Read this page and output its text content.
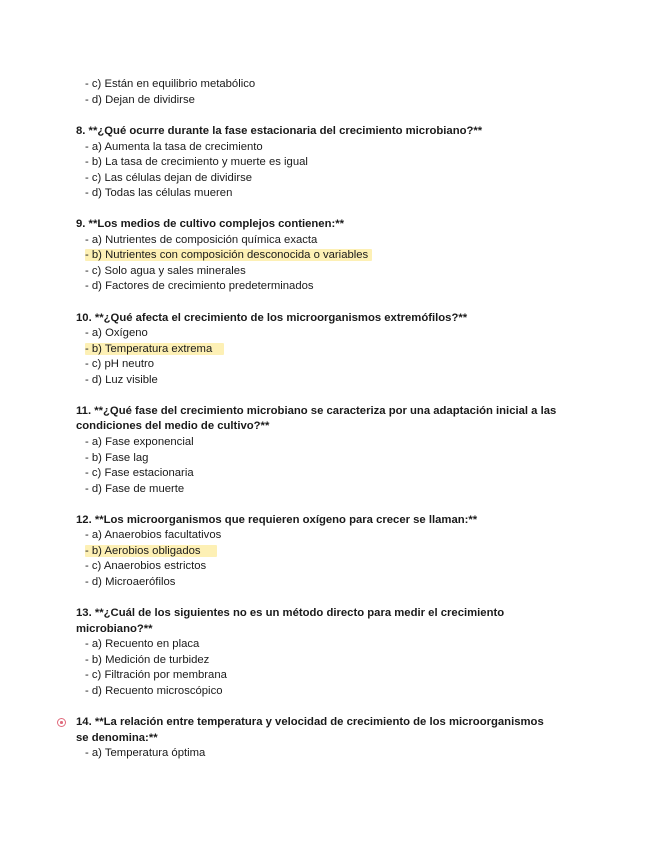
- c) Están en equilibrio metabólico
- d) Dejan de dividirse
8. **¿Qué ocurre durante la fase estacionaria del crecimiento microbiano?**
- a) Aumenta la tasa de crecimiento
- b) La tasa de crecimiento y muerte es igual
- c) Las células dejan de dividirse
- d) Todas las células mueren
9. **Los medios de cultivo complejos contienen:**
- a) Nutrientes de composición química exacta
- b) Nutrientes con composición desconocida o variables
- c) Solo agua y sales minerales
- d) Factores de crecimiento predeterminados
10. **¿Qué afecta el crecimiento de los microorganismos extremófilos?**
- a) Oxígeno
- b) Temperatura extrema
- c) pH neutro
- d) Luz visible
11. **¿Qué fase del crecimiento microbiano se caracteriza por una adaptación inicial a las
condiciones del medio de cultivo?**
- a) Fase exponencial
- b) Fase lag
- c) Fase estacionaria
- d) Fase de muerte
12. **Los microorganismos que requieren oxígeno para crecer se llaman:**
- a) Anaerobios facultativos
- b) Aerobios obligados
- c) Anaerobios estrictos
- d) Microaerófilos
13. **¿Cuál de los siguientes no es un método directo para medir el crecimiento
microbiano?**
- a) Recuento en placa
- b) Medición de turbidez
- c) Filtración por membrana
- d) Recuento microscópico
14. **La relación entre temperatura y velocidad de crecimiento de los microorganismos
se denomina:**
- a) Temperatura óptima
